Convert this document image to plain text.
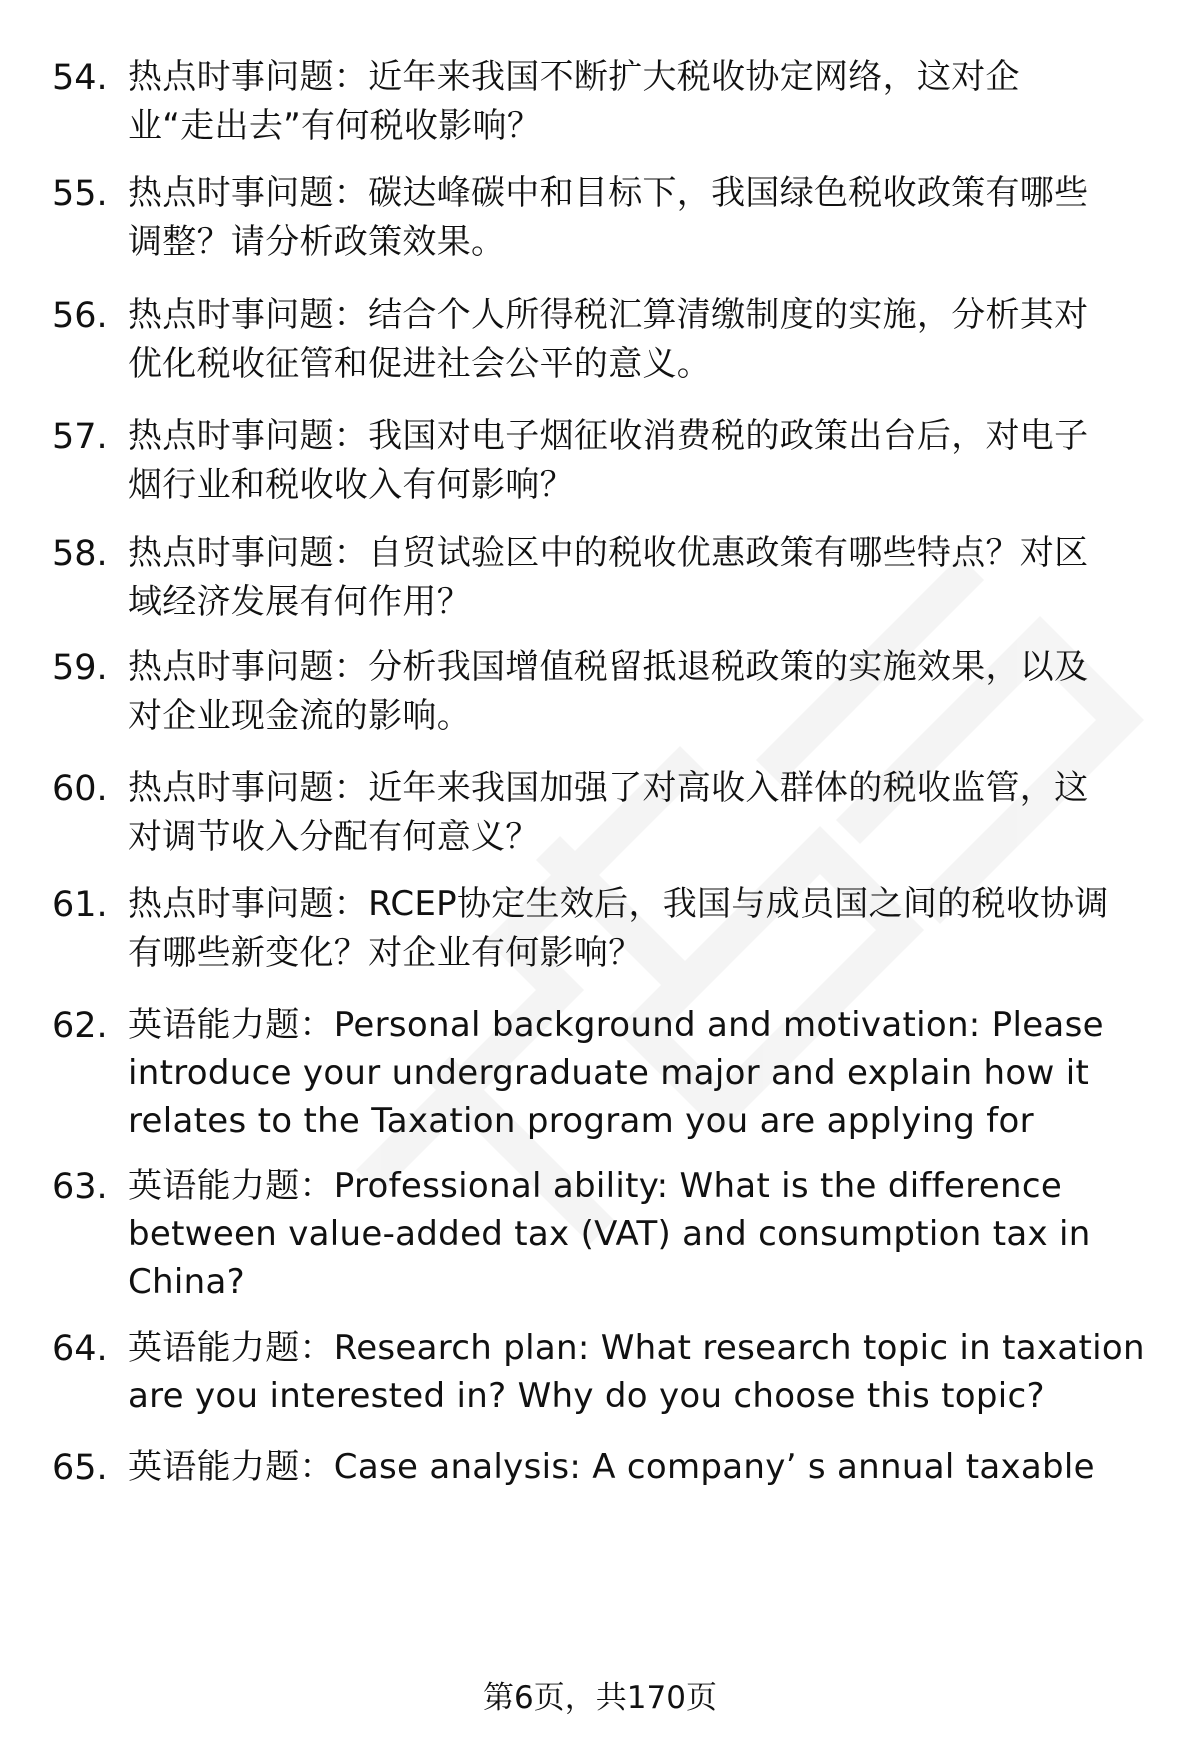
54. 热点时事问题：近年来我国不断扩大税收协定网络，这对企
业“走出去”有何税收影响？
55. 热点时事问题：碳达峰碳中和目标下，我国绿色税收政策有哪些
调整？请分析政策效果。
56. 热点时事问题：结合个人所得税汇算清缴制度的实施，分析其对
优化税收征管和促进社会公平的意义。
57. 热点时事问题：我国对电子烟征收消费税的政策出台后，对电子
烟行业和税收收入有何影响？
58. 热点时事问题：自贸试验区中的税收优惠政策有哪些特点？对区
域经济发展有何作用？
59. 热点时事问题：分析我国增值税留抵退税政策的实施效果，以及
对企业现金流的影响。
60. 热点时事问题：近年来我国加强了对高收入群体的税收监管，这
对调节收入分配有何意义？
61. 热点时事问题：RCEP协定生效后，我国与成员国之间的税收协调
有哪些新变化？对企业有何影响？
62. 英语能力题：Personal background and motivation: Please
introduce your undergraduate major and explain how it
relates to the Taxation program you are applying for
63. 英语能力题：Professional ability: What is the difference
between value-added tax (VAT) and consumption tax in
China?
64. 英语能力题：Research plan: What research topic in taxation
are you interested in? Why do you choose this topic?
65. 英语能力题：Case analysis: A company’ s annual taxable
第6页，共170页
